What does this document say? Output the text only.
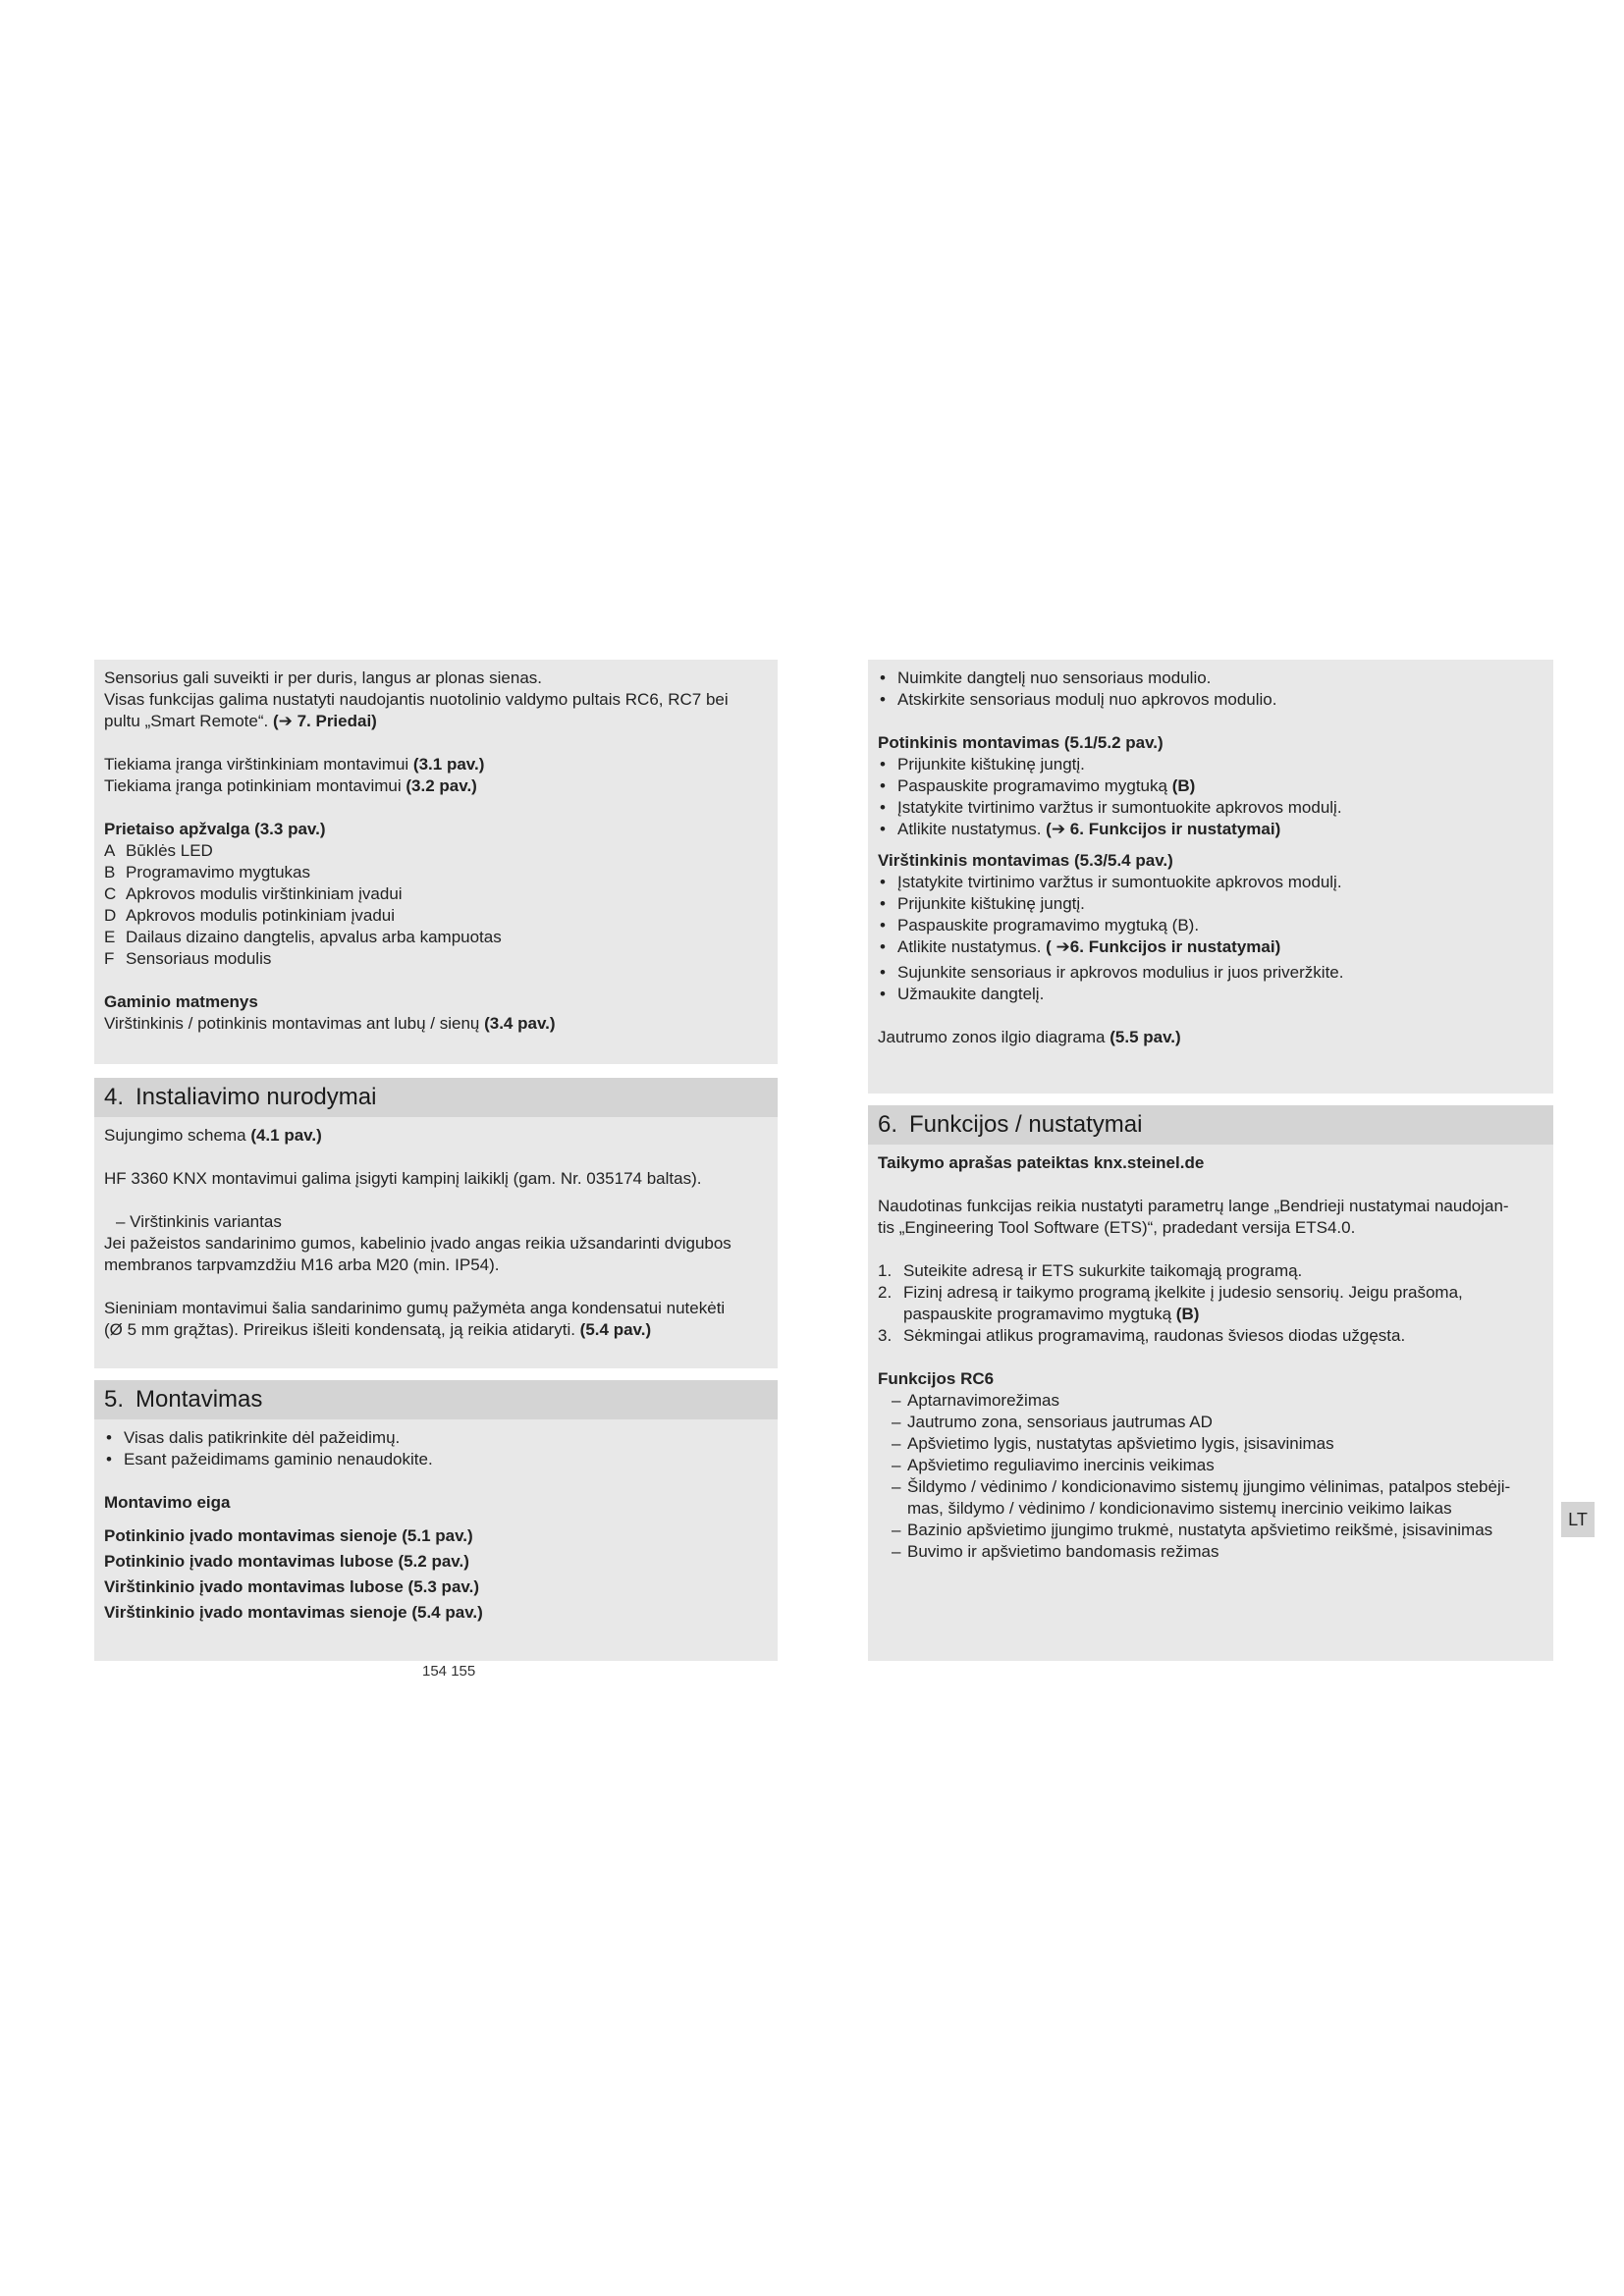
Sensorius gali suveikti ir per duris, langus ar plonas sienas.

Visas funkcijas galima nustatyti naudojantis nuotolinio valdymo pultais RC6, RC7 bei

pultu „Smart Remote“. (➔ 7. Priedai)

Tiekiama įranga virštinkiniam montavimui (3.1 pav.)

Tiekiama įranga potinkiniam montavimui (3.2 pav.)

Prietaiso apžvalga (3.3 pav.)

A Būklės LED

B Programavimo mygtukas

C Apkrovos modulis virštinkiniam įvadui

D Apkrovos modulis potinkiniam įvadui

E Dailaus dizaino dangtelis, apvalus arba kampuotas

F Sensoriaus modulis

Gaminio matmenys

Virštinkinis / potinkinis montavimas ant lubų / sienų (3.4 pav.)

4. Instaliavimo nurodymai

Sujungimo schema (4.1 pav.)

HF 3360 KNX montavimui galima įsigyti kampinį laikiklį (gam. Nr. 035174 baltas).

– Virštinkinis variantas

Jei pažeistos sandarinimo gumos, kabelinio įvado angas reikia užsandarinti dvigubos

membranos tarpvamzdžiu M16 arba M20 (min. IP54).

Sieniniam montavimui šalia sandarinimo gumų pažymėta anga kondensatui nutekėti

(Ø 5 mm grąžtas). Prireikus išleiti kondensatą, ją reikia atidaryti. (5.4 pav.)

5. Montavimas
• Visas dalis patikrinkite dėl pažeidimų.
• Esant pažeidimams gaminio nenaudokite.

Montavimo eiga

Potinkinio įvado montavimas sienoje (5.1 pav.)

Potinkinio įvado montavimas lubose (5.2 pav.)

Virštinkinio įvado montavimas lubose (5.3 pav.)

Virštinkinio įvado montavimas sienoje (5.4 pav.)

154 155
• Nuimkite dangtelį nuo sensoriaus modulio.
• Atskirkite sensoriaus modulį nuo apkrovos modulio.

Potinkinis montavimas (5.1/5.2 pav.)

• Prijunkite kištukinę jungtį.
• Paspauskite programavimo mygtuką (B)
• Įstatykite tvirtinimo varžtus ir sumontuokite apkrovos modulį.
• Atlikite nustatymus. (➔ 6. Funkcijos ir nustatymai)

Virštinkinis montavimas (5.3/5.4 pav.)

• Įstatykite tvirtinimo varžtus ir sumontuokite apkrovos modulį.
• Prijunkite kištukinę jungtį.
• Paspauskite programavimo mygtuką (B).
• Atlikite nustatymus. ( ➔6. Funkcijos ir nustatymai)
• Sujunkite sensoriaus ir apkrovos modulius ir juos priveržkite.
• Užmaukite dangtelį.

Jautrumo zonos ilgio diagrama (5.5 pav.)

6. Funkcijos / nustatymai

Taikymo aprašas pateiktas knx.steinel.de

Naudotinas funkcijas reikia nustatyti parametrų lange „Bendrieji nustatymai naudojan-

tis „Engineering Tool Software (ETS)“, pradedant versija ETS4.0.

1. Suteikite adresą ir ETS sukurkite taikomąją programą.
2. Fizinį adresą ir taikymo programą įkelkite į judesio sensorių. Jeigu prašoma,
paspauskite programavimo mygtuką (B)
3. Sėkmingai atlikus programavimą, raudonas šviesos diodas užgęsta.

Funkcijos RC6

– Aptarnavimorežimas
– Jautrumo zona, sensoriaus jautrumas AD
– Apšvietimo lygis, nustatytas apšvietimo lygis, įsisavinimas
– Apšvietimo reguliavimo inercinis veikimas
– Šildymo / vėdinimo / kondicionavimo sistemų įjungimo vėlinimas, patalpos stebėji-
mas, šildymo / vėdinimo / kondicionavimo sistemų inercinio veikimo laikas
– Bazinio apšvietimo įjungimo trukmė, nustatyta apšvietimo reikšmė, įsisavinimas
– Buvimo ir apšvietimo bandomasis režimas
LT
